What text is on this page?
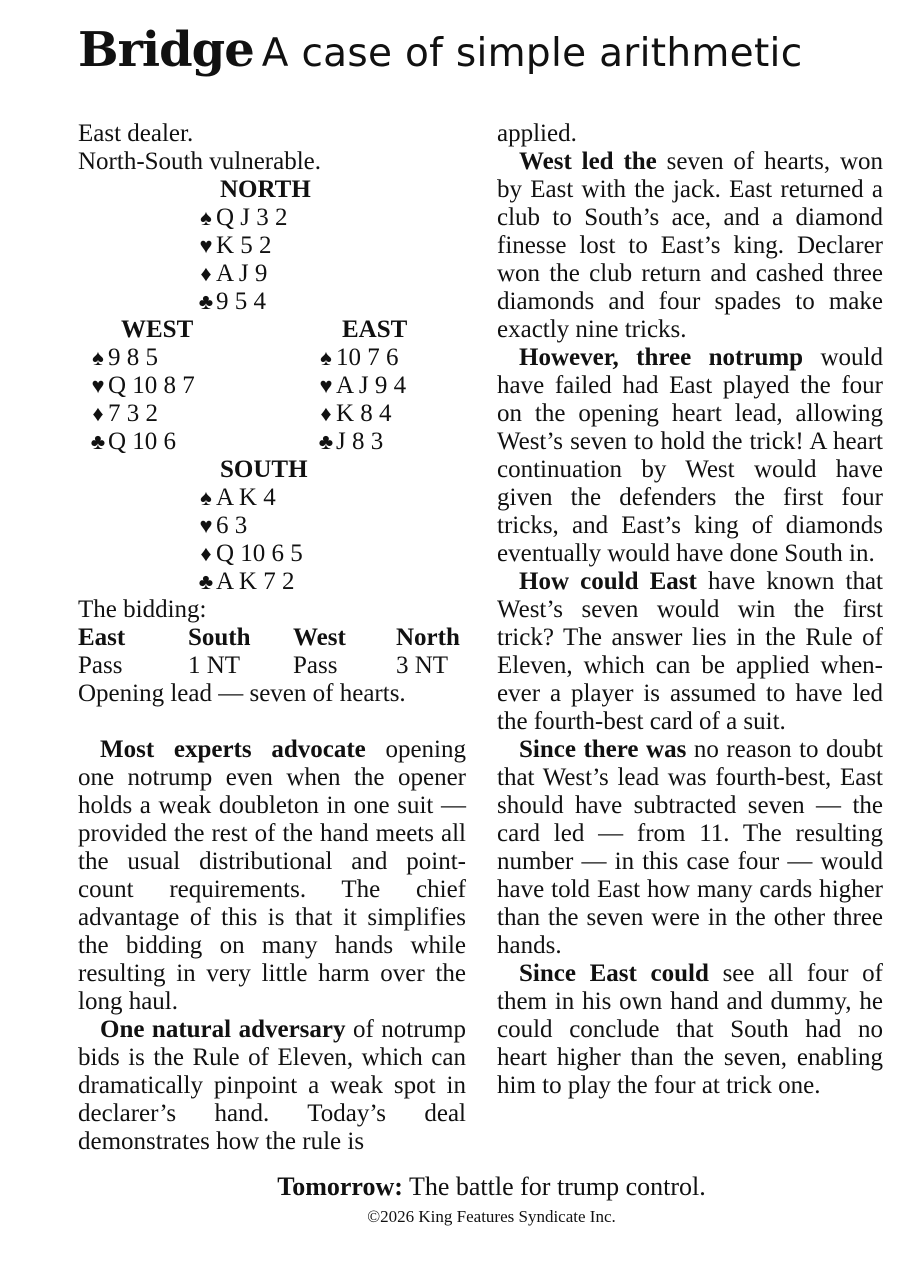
Bridge A case of simple arithmetic
East dealer.
North-South vulnerable.
NORTH
♠ Q J 3 2
♥ K 5 2
♦ A J 9
♣ 9 5 4
WEST	EAST
♠ 9 8 5	♠ 10 7 6
♥ Q 10 8 7	♥ A J 9 4
♦ 7 3 2	♦ K 8 4
♣ Q 10 6	♣ J 8 3
SOUTH
♠ A K 4
♥ 6 3
♦ Q 10 6 5
♣ A K 7 2
The bidding:
East	South West North
Pass	1 NT Pass 3 NT
Opening lead — seven of hearts.

Most experts advocate opening one notrump even when the opener holds a weak doubleton in one suit — provided the rest of the hand meets all the usual distributional and point-count requirements. The chief advantage of this is that it simplifies the bidding on many hands while resulting in very little harm over the long haul.

One natural adversary of notrump bids is the Rule of Eleven, which can dramatically pinpoint a weak spot in declarer’s hand. Today’s deal demonstrates how the rule is

applied.

West led the seven of hearts, won by East with the jack. East returned a club to South’s ace, and a diamond finesse lost to East’s king. Declarer won the club return and cashed three diamonds and four spades to make exactly nine tricks.

However, three notrump would have failed had East played the four on the opening heart lead, allowing West’s seven to hold the trick! A heart continuation by West would have given the defenders the first four tricks, and East’s king of diamonds eventually would have done South in.

How could East have known that West’s seven would win the first trick? The answer lies in the Rule of Eleven, which can be applied whenever a player is assumed to have led the fourth-best card of a suit.

Since there was no reason to doubt that West’s lead was fourth-best, East should have subtracted seven — the card led — from 11. The resulting number — in this case four — would have told East how many cards higher than the seven were in the other three hands.

Since East could see all four of them in his own hand and dummy, he could conclude that South had no heart higher than the seven, enabling him to play the four at trick one.

Tomorrow: The battle for trump control.
©2026 King Features Syndicate Inc.
